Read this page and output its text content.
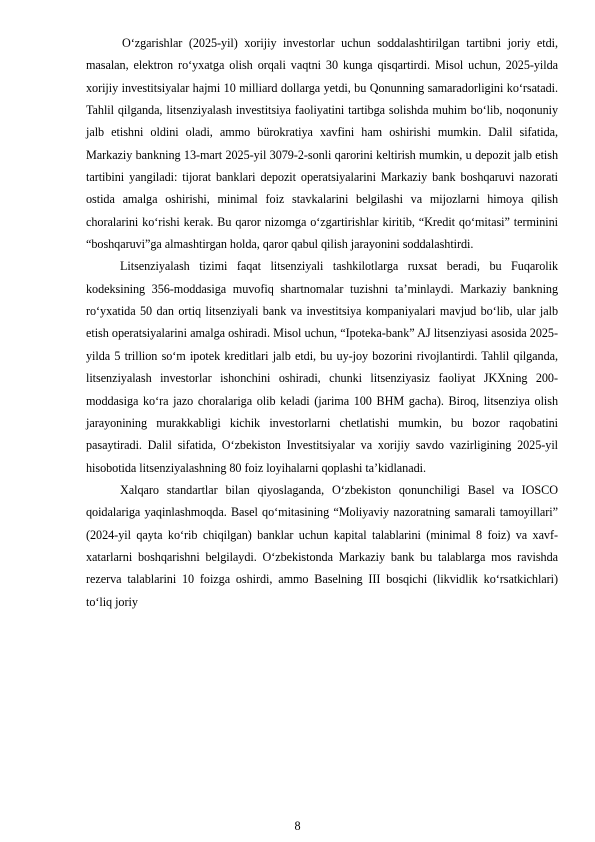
O‘zgarishlar (2025-yil) xorijiy investorlar uchun soddalashtirilgan tartibni joriy etdi, masalan, elektron ro‘yxatga olish orqali vaqtni 30 kunga qisqartirdi. Misol uchun, 2025-yilda xorijiy investitsiyalar hajmi 10 milliard dollarga yetdi, bu Qonunning samaradorligini ko‘rsatadi. Tahlil qilganda, litsenziyalash investitsiya faoliyatini tartibga solishda muhim bo‘lib, noqonuniy jalb etishni oldini oladi, ammo bürokratiya xavfini ham oshirishi mumkin. Dalil sifatida, Markaziy bankning 13-mart 2025-yil 3079-2-sonli qarorini keltirish mumkin, u depozit jalb etish tartibini yangiladi: tijorat banklari depozit operatsiyalarini Markaziy bank boshqaruvi nazorati ostida amalga oshirishi, minimal foiz stavkalarini belgilashi va mijozlarni himoya qilish choralarini ko‘rishi kerak. Bu qaror nizomga o‘zgartirishlar kiritib, “Kredit qo‘mitasi” terminini “boshqaruvi”ga almashtirgan holda, qaror qabul qilish jarayonini soddalashtirdi.

Litsenziyalash tizimi faqat litsenziyali tashkilotlarga ruxsat beradi, bu Fuqarolik kodeksining 356-moddasiga muvofiq shartnomalar tuzishni ta’minlaydi. Markaziy bankning ro‘yxatida 50 dan ortiq litsenziyali bank va investitsiya kompaniyalari mavjud bo‘lib, ular jalb etish operatsiyalarini amalga oshiradi. Misol uchun, “Ipoteka-bank” AJ litsenziyasi asosida 2025-yilda 5 trillion so‘m ipotek kreditlari jalb etdi, bu uy-joy bozorini rivojlantirdi. Tahlil qilganda, litsenziyalash investorlar ishonchini oshiradi, chunki litsenziyasiz faoliyat JKXning 200-moddasiga ko‘ra jazo choralariga olib keladi (jarima 100 BHM gacha). Biroq, litsenziya olish jarayonining murakkabligi kichik investorlarni chetlatishi mumkin, bu bozor raqobatini pasaytiradi. Dalil sifatida, O‘zbekiston Investitsiyalar va xorijiy savdo vazirligining 2025-yil hisobotida litsenziyalashning 80 foiz loyihalarni qoplashi ta’kidlanadi.

Xalqaro standartlar bilan qiyoslaganda, O‘zbekiston qonunchiligi Basel va IOSCO qoidalariga yaqinlashmoqda. Basel qo‘mitasining “Moliyaviy nazoratning samarali tamoyillari” (2024-yil qayta ko‘rib chiqilgan) banklar uchun kapital talablarini (minimal 8 foiz) va xavf-xatarlarni boshqarishni belgilaydi. O‘zbekistonda Markaziy bank bu talablarga mos ravishda rezerva talablarini 10 foizga oshirdi, ammo Baselning III bosqichi (likvidlik ko‘rsatkichlari) to‘liq joriy

8
